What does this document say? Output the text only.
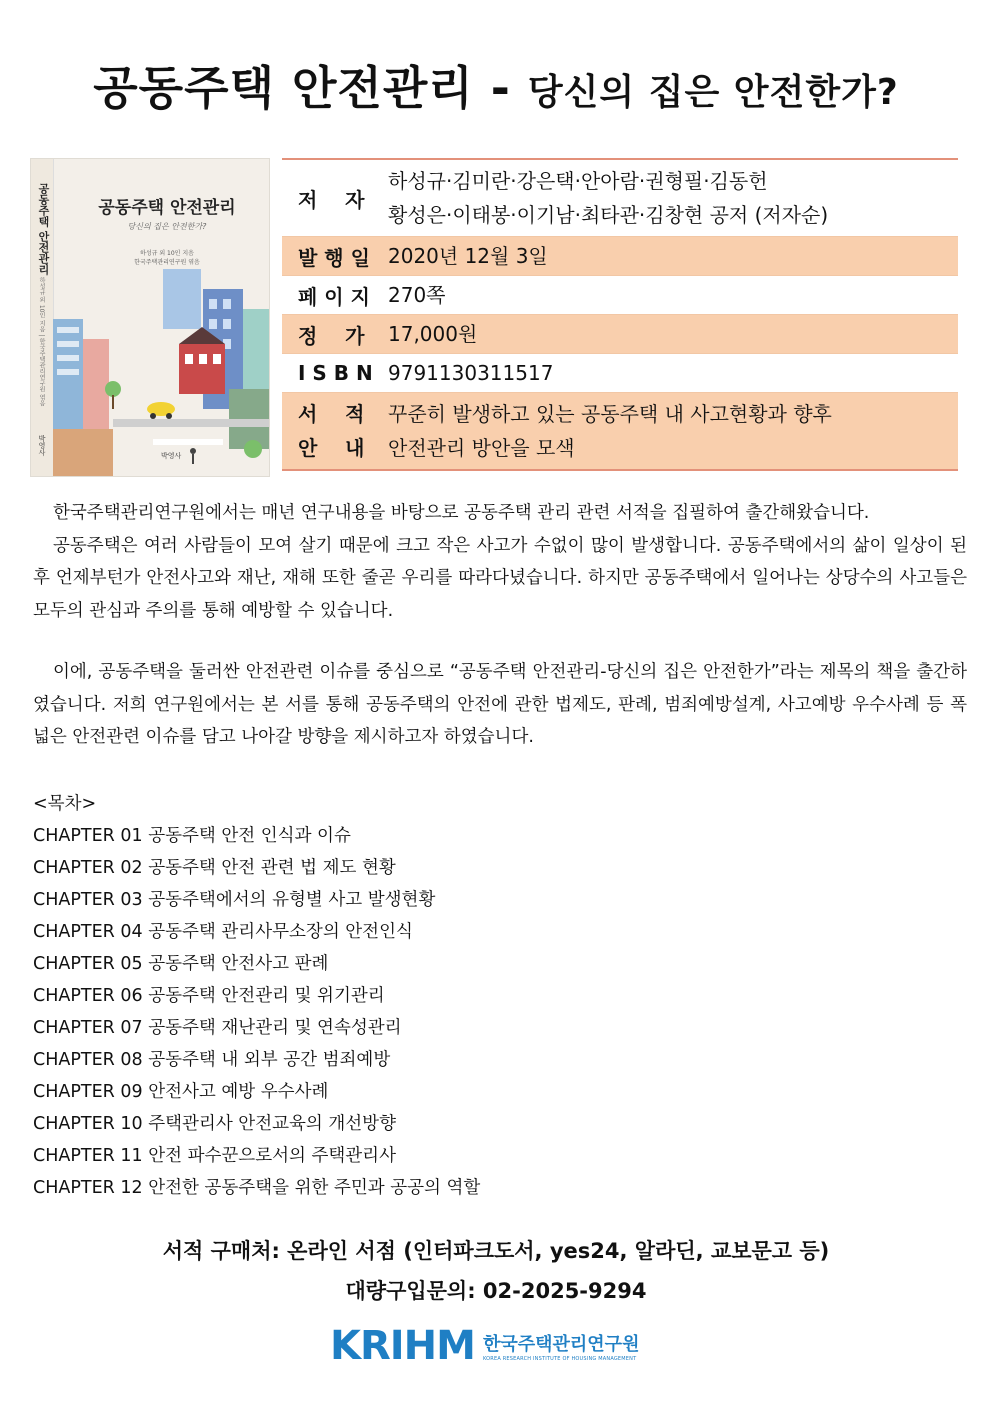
공동주택 안전관리 - 당신의 집은 안전한가?
공동주택 안전관리
하성규 외 10인 지음 | 한국주택관리연구원 엮음
박영사
공동주택 안전관리
당신의 집은 안전한가?
하성규 외 10인 지음
한국주택관리연구원 엮음
박영사
저    자
하성규·김미란·강은택·안아람·권형필·김동헌
황성은·이태봉·이기남·최타관·김창현 공저 (저자순)
발 행 일 2020년 12월 3일
페 이 지 270쪽
정    가	17,000원
I S B N 9791130311517
서    적
안    내
꾸준히 발생하고 있는 공동주택 내 사고현황과 향후
안전관리 방안을 모색

한국주택관리연구원에서는 매년 연구내용을 바탕으로 공동주택 관리 관련 서적을 집필하여 출간해왔습니다.

공동주택은 여러 사람들이 모여 살기 때문에 크고 작은 사고가 수없이 많이 발생합니다. 공동주택에서의 삶이 일상이 된 후 언제부턴가 안전사고와 재난, 재해 또한 줄곧 우리를 따라다녔습니다. 하지만 공동주택에서 일어나는 상당수의 사고들은 모두의 관심과 주의를 통해 예방할 수 있습니다.

이에, 공동주택을 둘러싼 안전관련 이슈를 중심으로 “공동주택 안전관리-당신의 집은 안전한가”라는 제목의 책을 출간하였습니다. 저희 연구원에서는 본 서를 통해 공동주택의 안전에 관한 법제도, 판례, 범죄예방설계, 사고예방 우수사례 등 폭넓은 안전관련 이슈를 담고 나아갈 방향을 제시하고자 하였습니다.

<목차>
CHAPTER 01 공동주택 안전 인식과 이슈
CHAPTER 02 공동주택 안전 관련 법 제도 현황
CHAPTER 03 공동주택에서의 유형별 사고 발생현황
CHAPTER 04 공동주택 관리사무소장의 안전인식
CHAPTER 05 공동주택 안전사고 판례
CHAPTER 06 공동주택 안전관리 및 위기관리
CHAPTER 07 공동주택 재난관리 및 연속성관리
CHAPTER 08 공동주택 내 외부 공간 범죄예방
CHAPTER 09 안전사고 예방 우수사례
CHAPTER 10 주택관리사 안전교육의 개선방향
CHAPTER 11 안전 파수꾼으로서의 주택관리사
CHAPTER 12 안전한 공동주택을 위한 주민과 공공의 역할
서적 구매처: 온라인 서점 (인터파크도서, yes24, 알라딘, 교보문고 등)
대량구입문의: 02-2025-9294
KRIHM 한국주택관리연구원
KOREA RESEARCH INSTITUTE OF HOUSING MANAGEMENT
